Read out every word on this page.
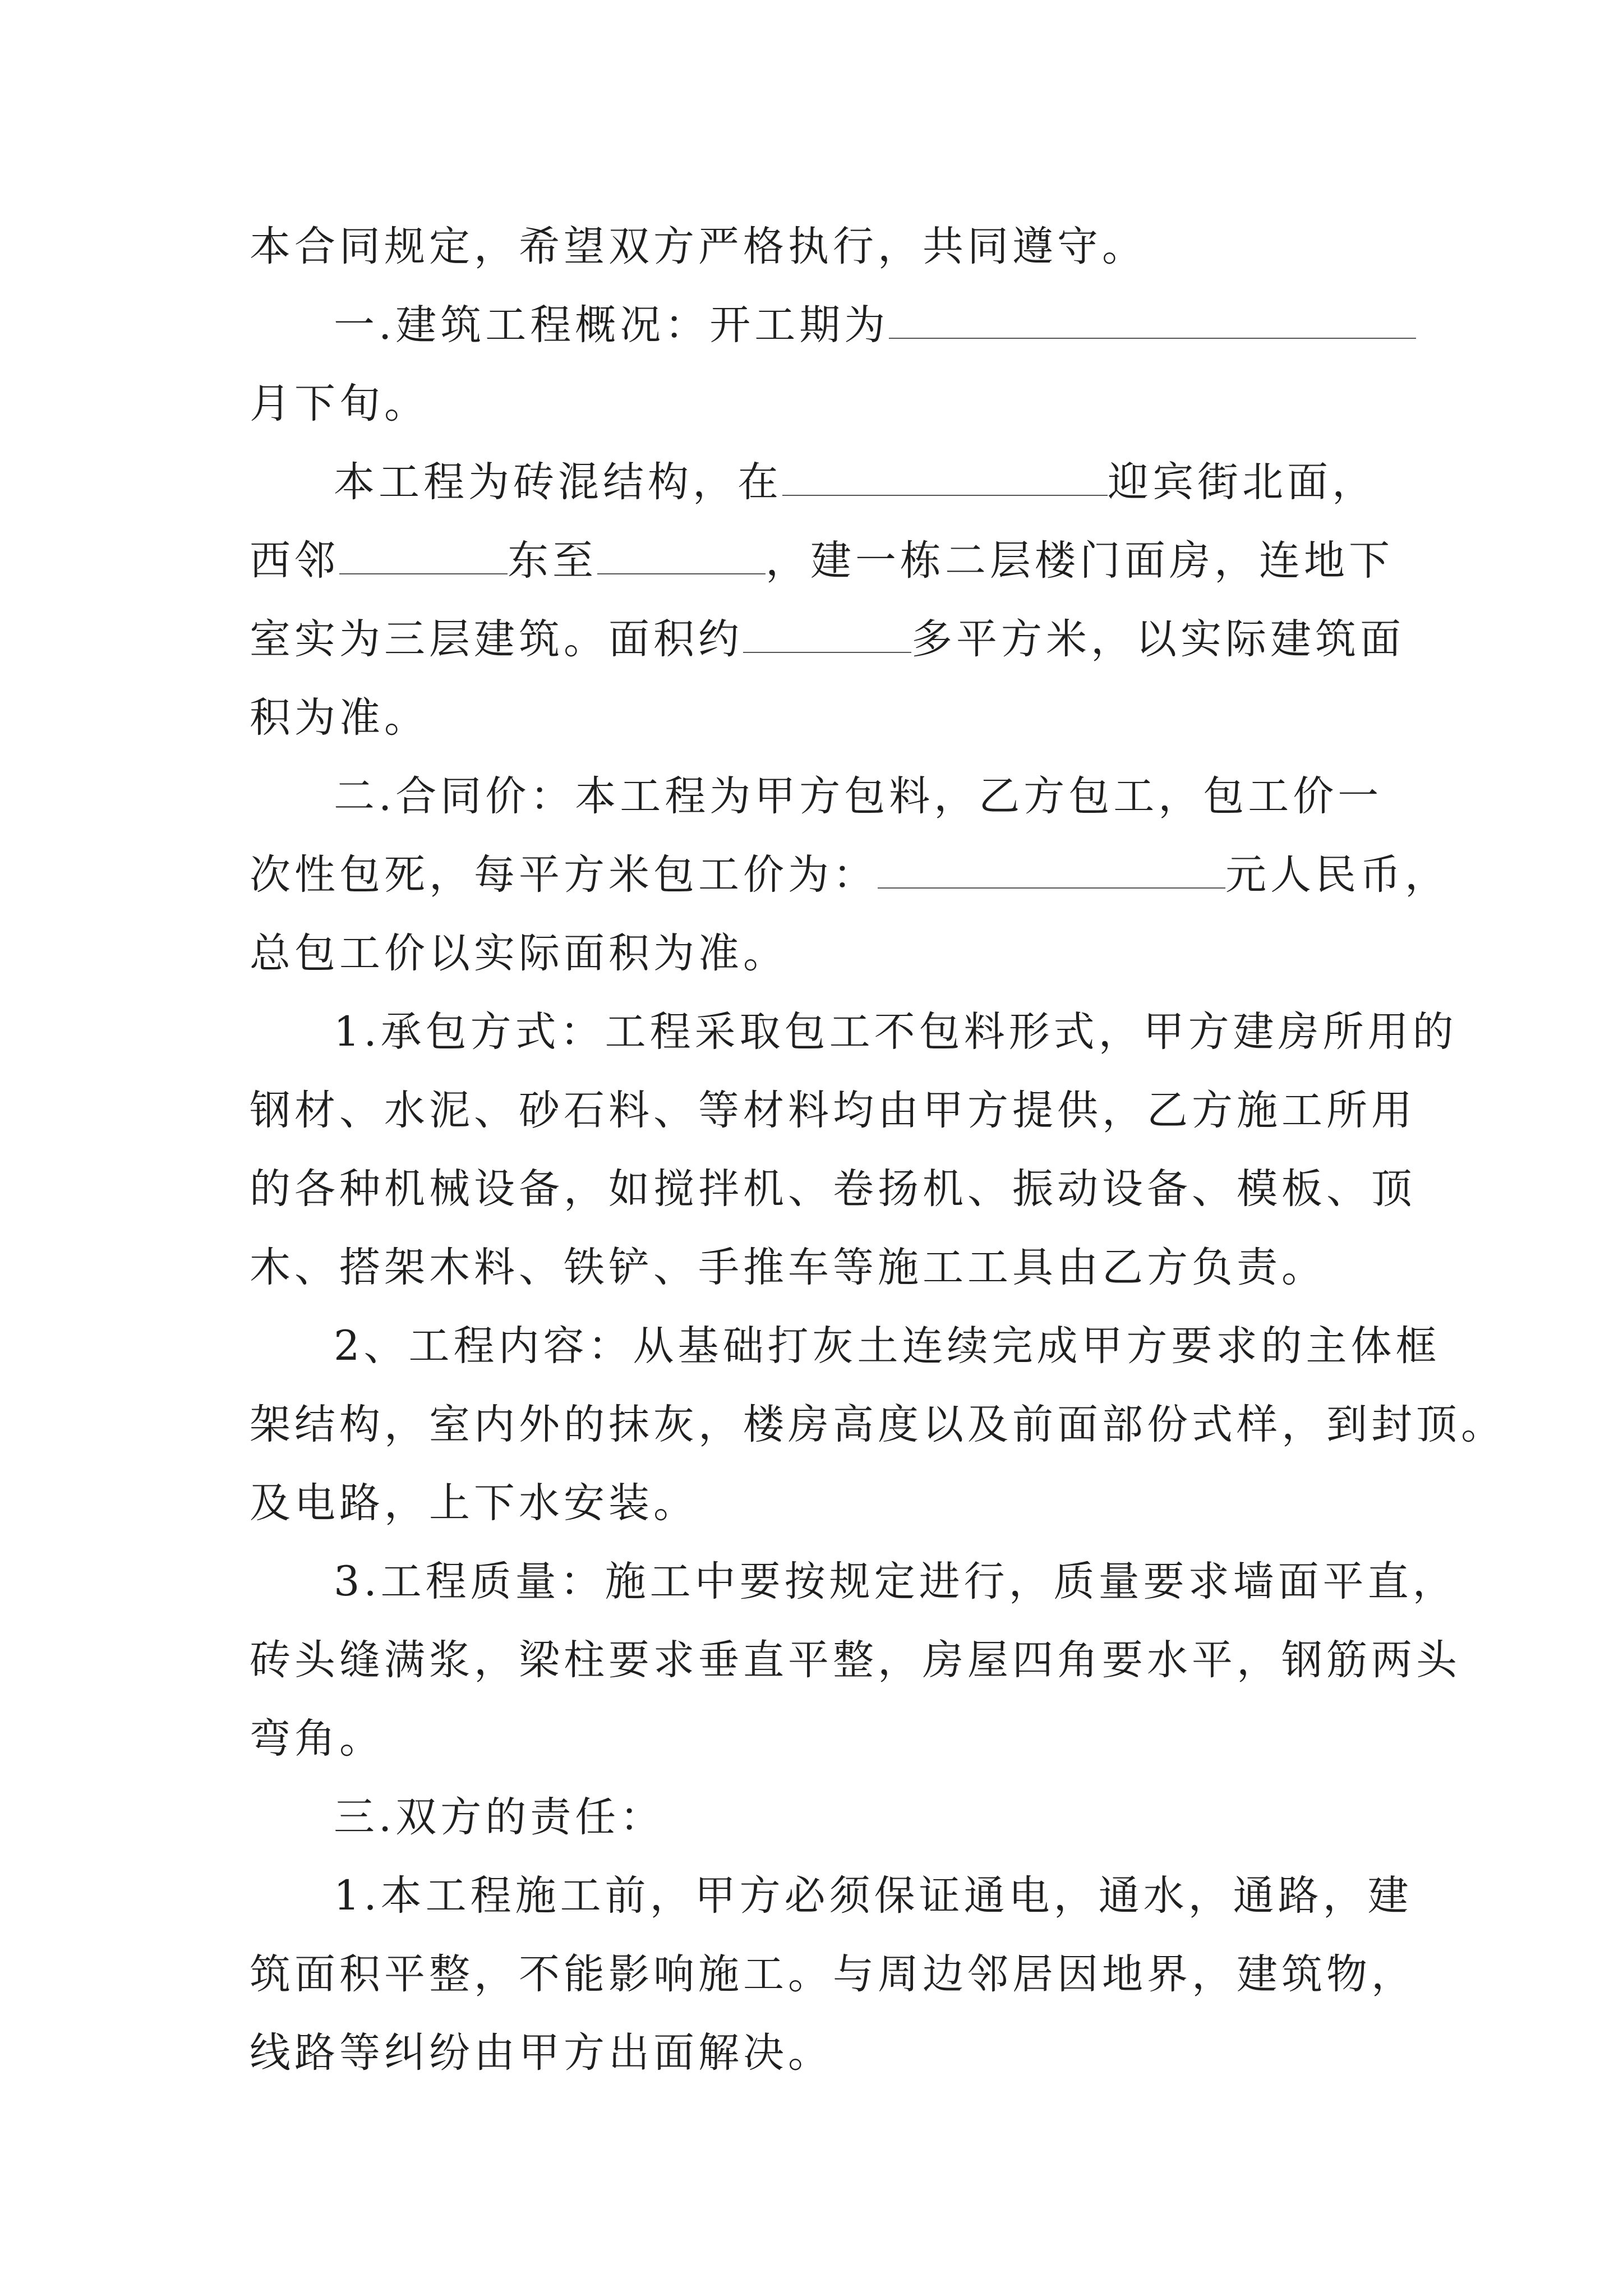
本合同规定，希望双方严格执行，共同遵守。

一.建筑工程概况：开工期为
月下旬。

本工程为砖混结构，在	迎宾街北面，
西邻	东至	，建一栋二层楼门面房，连地下
室实为三层建筑。面积约	多平方米，以实际建筑面
积为准。

二.合同价：本工程为甲方包料，乙方包工，包工价一
次性包死，每平方米包工价为：	元人民币，
总包工价以实际面积为准。

1.承包方式：工程采取包工不包料形式，甲方建房所用的
钢材、水泥、砂石料、等材料均由甲方提供，乙方施工所用
的各种机械设备，如搅拌机、卷扬机、振动设备、模板、顶
木、搭架木料、铁铲、手推车等施工工具由乙方负责。

2、工程内容：从基础打灰土连续完成甲方要求的主体框
架结构，室内外的抹灰，楼房高度以及前面部份式样，到封顶。
及电路，上下水安装。

3.工程质量：施工中要按规定进行，质量要求墙面平直，
砖头缝满浆，梁柱要求垂直平整，房屋四角要水平，钢筋两头
弯角。

三.双方的责任：

1.本工程施工前，甲方必须保证通电，通水，通路，建
筑面积平整，不能影响施工。与周边邻居因地界，建筑物，
线路等纠纷由甲方出面解决。
